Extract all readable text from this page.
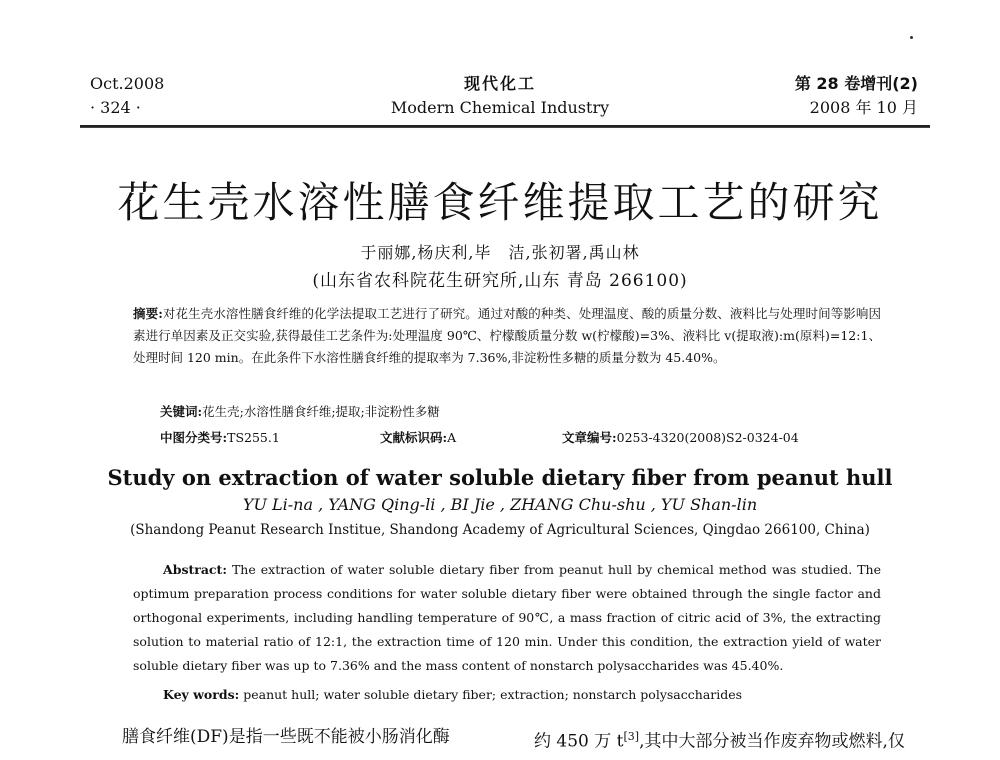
Oct.2008
· 324 ·
现代化工
Modern Chemical Industry
第 28 卷增刊(2)
2008 年 10 月
花生壳水溶性膳食纤维提取工艺的研究
于丽娜,杨庆利,毕　洁,张初署,禹山林
(山东省农科院花生研究所,山东 青岛 266100)
摘要:对花生壳水溶性膳食纤维的化学法提取工艺进行了研究。通过对酸的种类、处理温度、酸的质量分数、液料比与处理时间等影响因素进行单因素及正交实验,获得最佳工艺条件为:处理温度 90℃、柠檬酸质量分数 w(柠檬酸)=3%、液料比 v(提取液):m(原料)=12:1、处理时间 120 min。在此条件下水溶性膳食纤维的提取率为 7.36%,非淀粉性多糖的质量分数为 45.40%。
关键词:花生壳;水溶性膳食纤维;提取;非淀粉性多糖
中图分类号:TS255.1	文献标识码:A	文章编号:0253-4320(2008)S2-0324-04
Study on extraction of water soluble dietary fiber from peanut hull
YU Li-na , YANG Qing-li , BI Jie , ZHANG Chu-shu , YU Shan-lin
(Shandong Peanut Research Institue, Shandong Academy of Agricultural Sciences, Qingdao 266100, China)
Abstract: The extraction of water soluble dietary fiber from peanut hull by chemical method was studied. The optimum preparation process conditions for water soluble dietary fiber were obtained through the single factor and orthogonal experiments, including handling temperature of 90℃, a mass fraction of citric acid of 3%, the extracting solution to material ratio of 12:1, the extraction time of 120 min. Under this condition, the extraction yield of water soluble dietary fiber was up to 7.36% and the mass content of nonstarch polysaccharides was 45.40%.
Key words: peanut hull; water soluble dietary fiber; extraction; nonstarch polysaccharides
膳食纤维(DF)是指一些既不能被小肠消化酶	约 450 万 t[3],其中大部分被当作废弃物或燃料,仅
